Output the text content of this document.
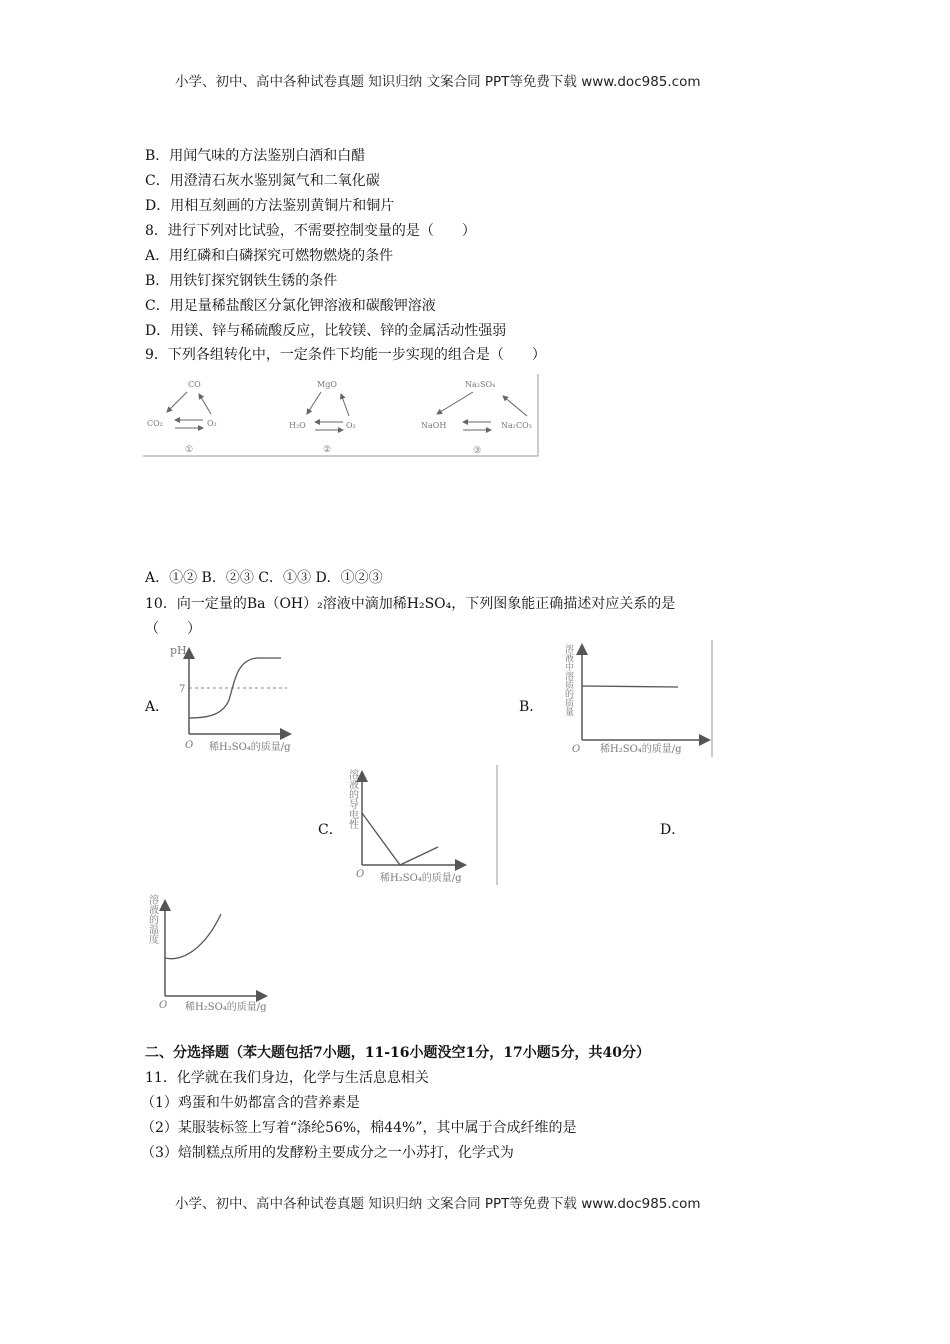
小学、初中、高中各种试卷真题 知识归纳 文案合同 PPT等免费下载 www.doc985.com
B．用闻气味的方法鉴别白酒和白醋
C．用澄清石灰水鉴别氮气和二氧化碳
D．用相互刻画的方法鉴别黄铜片和铜片
8．进行下列对比试验，不需要控制变量的是（　　）
A．用红磷和白磷探究可燃物燃烧的条件
B．用铁钉探究钢铁生锈的条件
C．用足量稀盐酸区分氯化钾溶液和碳酸钾溶液
D．用镁、锌与稀硫酸反应，比较镁、锌的金属活动性强弱
9．下列各组转化中，一定条件下均能一步实现的组合是（　　）
CO
CO₂	O₂
①
MgO
H₂O	O₂
②
Na₂SO₄
NaOH	Na₂CO₃
③
A．①② B．②③ C．①③ D．①②③
10．向一定量的Ba（OH）₂溶液中滴加稀H₂SO₄，下列图象能正确描述对应关系的是
（　　）
A．	B．
C．	D．
pH
7
O 稀H₂SO₄的质量/g
溶液中溶质的质量
O 稀H₂SO₄的质量/g
溶液的导电性
O 稀H₂SO₄的质量/g
溶液的温度
O 稀H₂SO₄的质量/g
二、分选择题（苯大题包括7小题，11-16小题没空1分，17小题5分，共40分）
11．化学就在我们身边，化学与生活息息相关
（1）鸡蛋和牛奶都富含的营养素是
（2）某服装标签上写着“涤纶56%，棉44%”，其中属于合成纤维的是
（3）焙制糕点所用的发酵粉主要成分之一小苏打，化学式为
小学、初中、高中各种试卷真题 知识归纳 文案合同 PPT等免费下载 www.doc985.com
